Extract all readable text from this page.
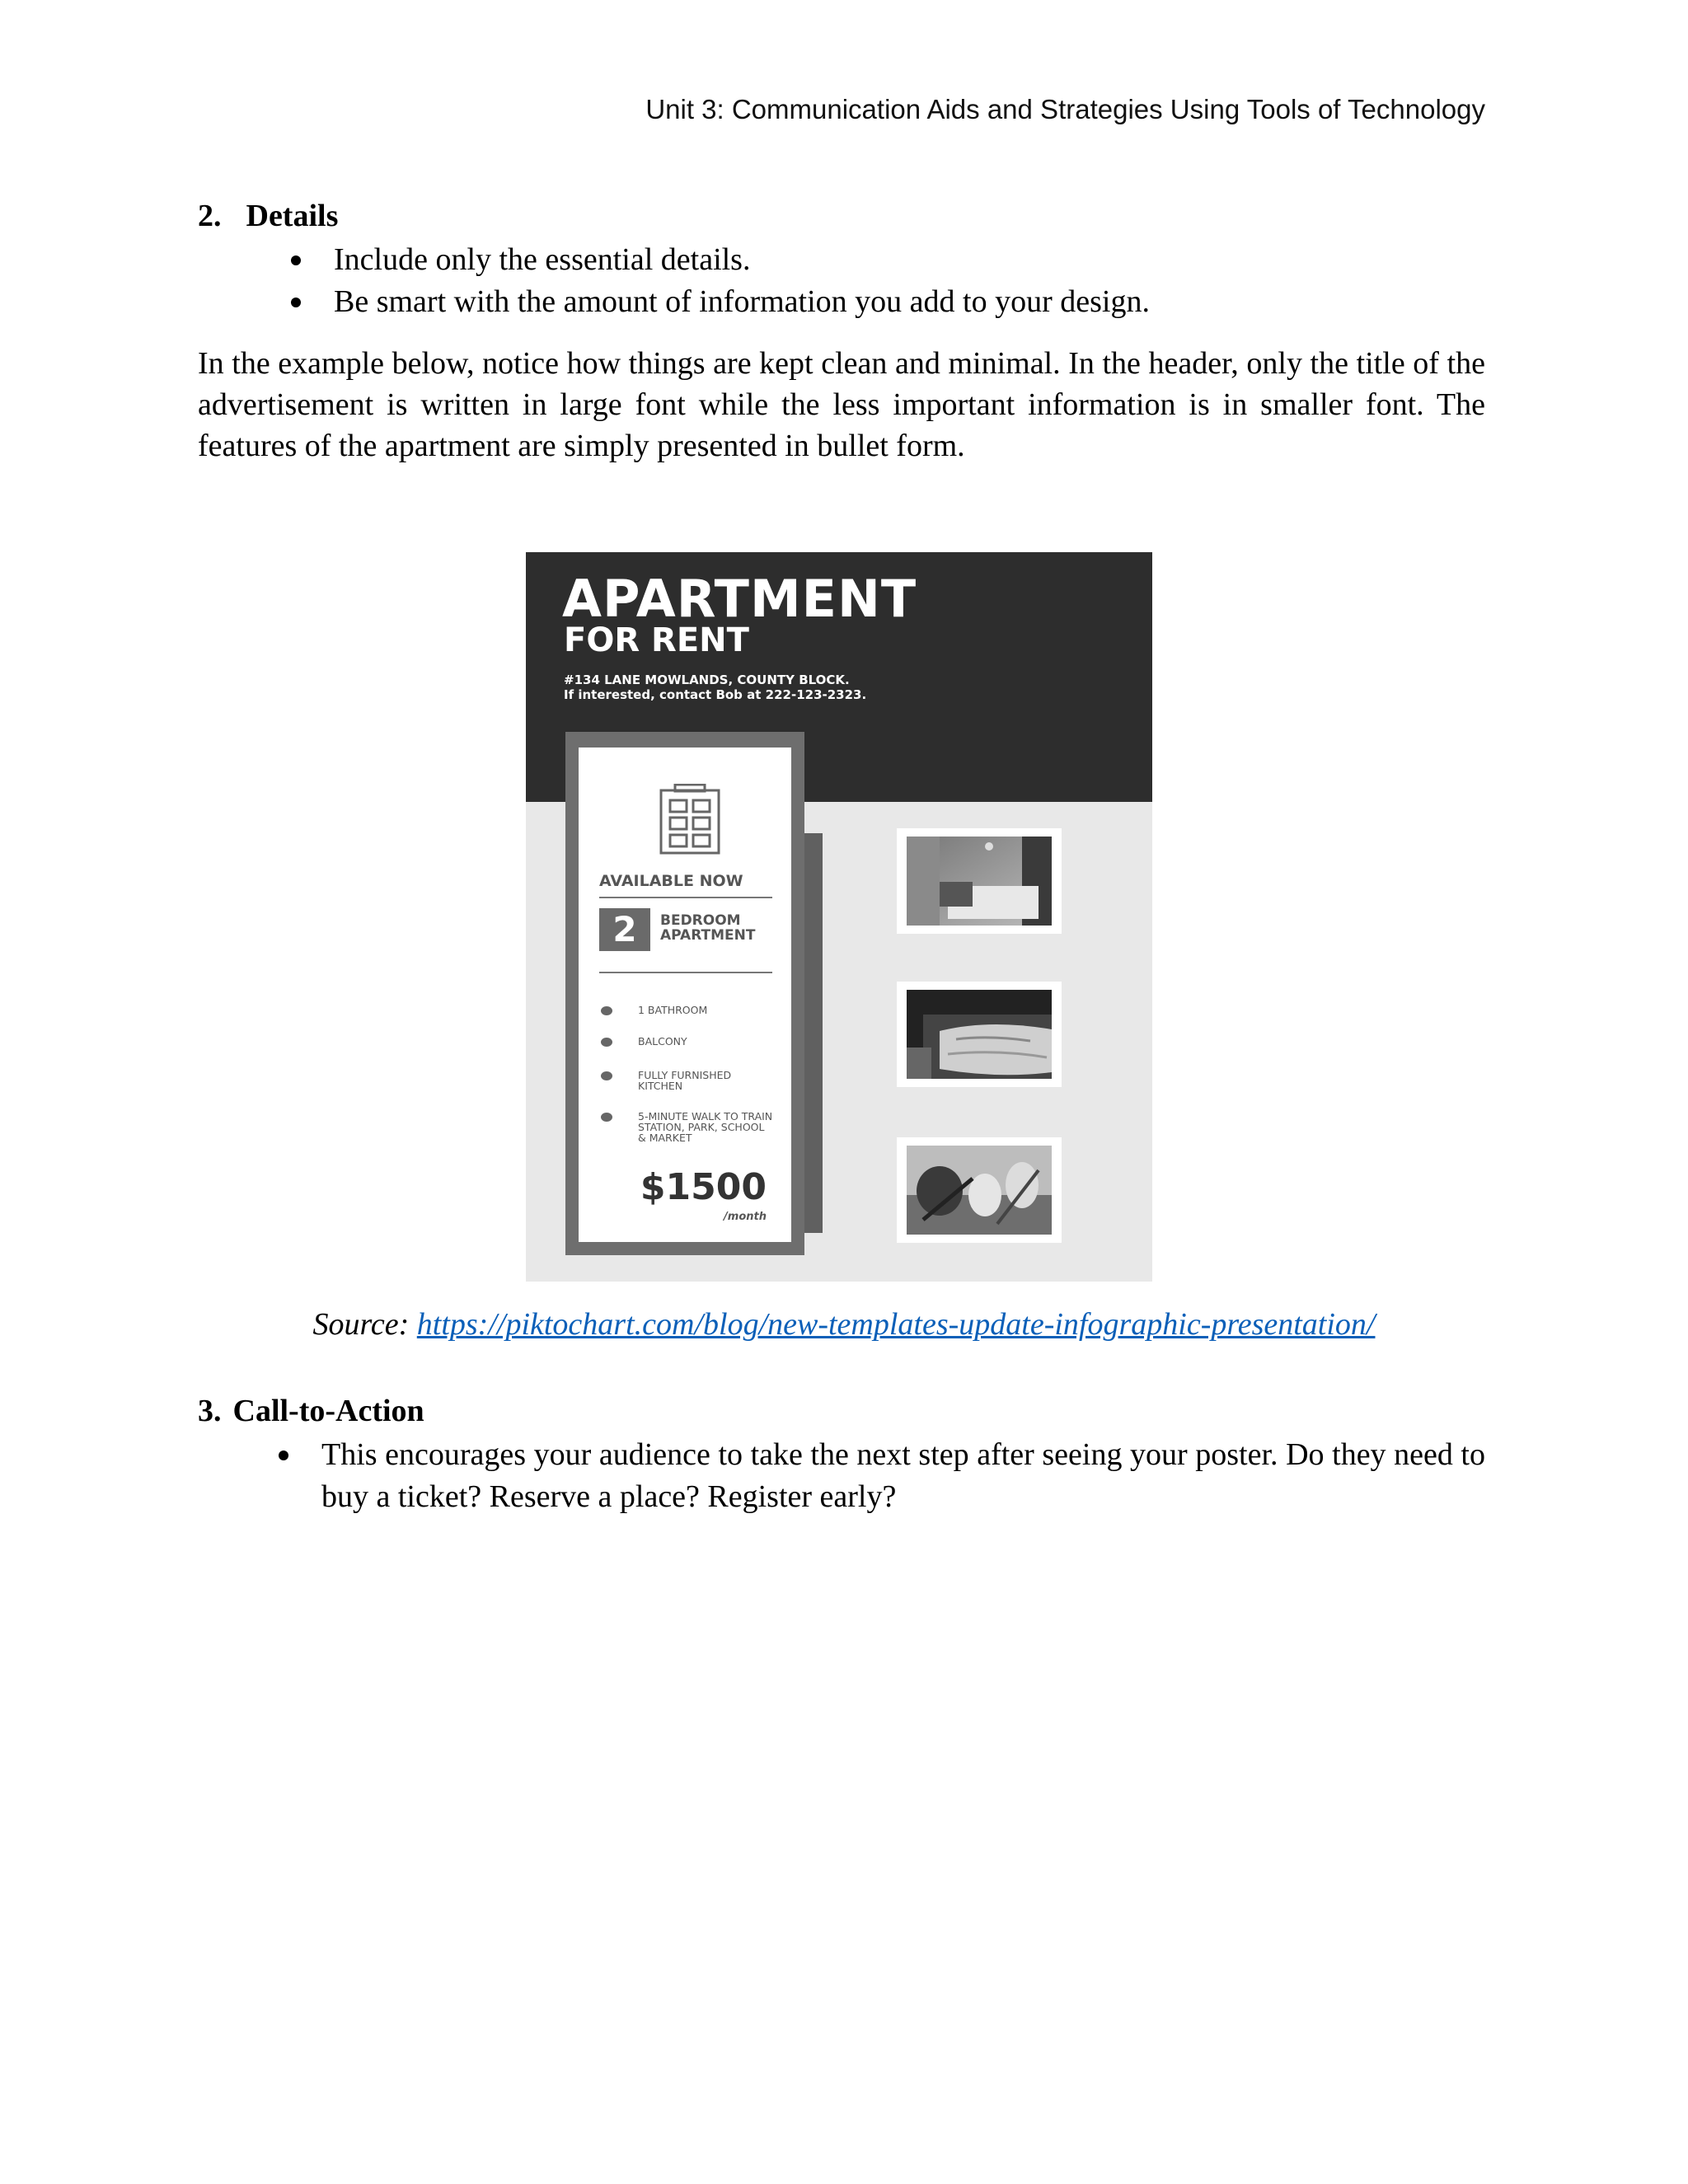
Unit 3: Communication Aids and Strategies Using Tools of Technology
2. Details
Include only the essential details.
Be smart with the amount of information you add to your design.
In the example below, notice how things are kept clean and minimal. In the header, only the title of the advertisement is written in large font while the less important information is in smaller font. The features of the apartment are simply presented in bullet form.
APARTMENT
FOR RENT
#134 LANE MOWLANDS, COUNTY BLOCK.
If interested, contact Bob at 222-123-2323.
AVAILABLE NOW
2	BEDROOM
APARTMENT
1 BATHROOM
BALCONY
FULLY FURNISHED KITCHEN
5-MINUTE WALK TO TRAIN STATION, PARK, SCHOOL & MARKET
$1500
/month
Source: https://piktochart.com/blog/new-templates-update-infographic-presentation/
3. Call-to-Action
This encourages your audience to take the next step after seeing your poster. Do they need to buy a ticket? Reserve a place? Register early?
